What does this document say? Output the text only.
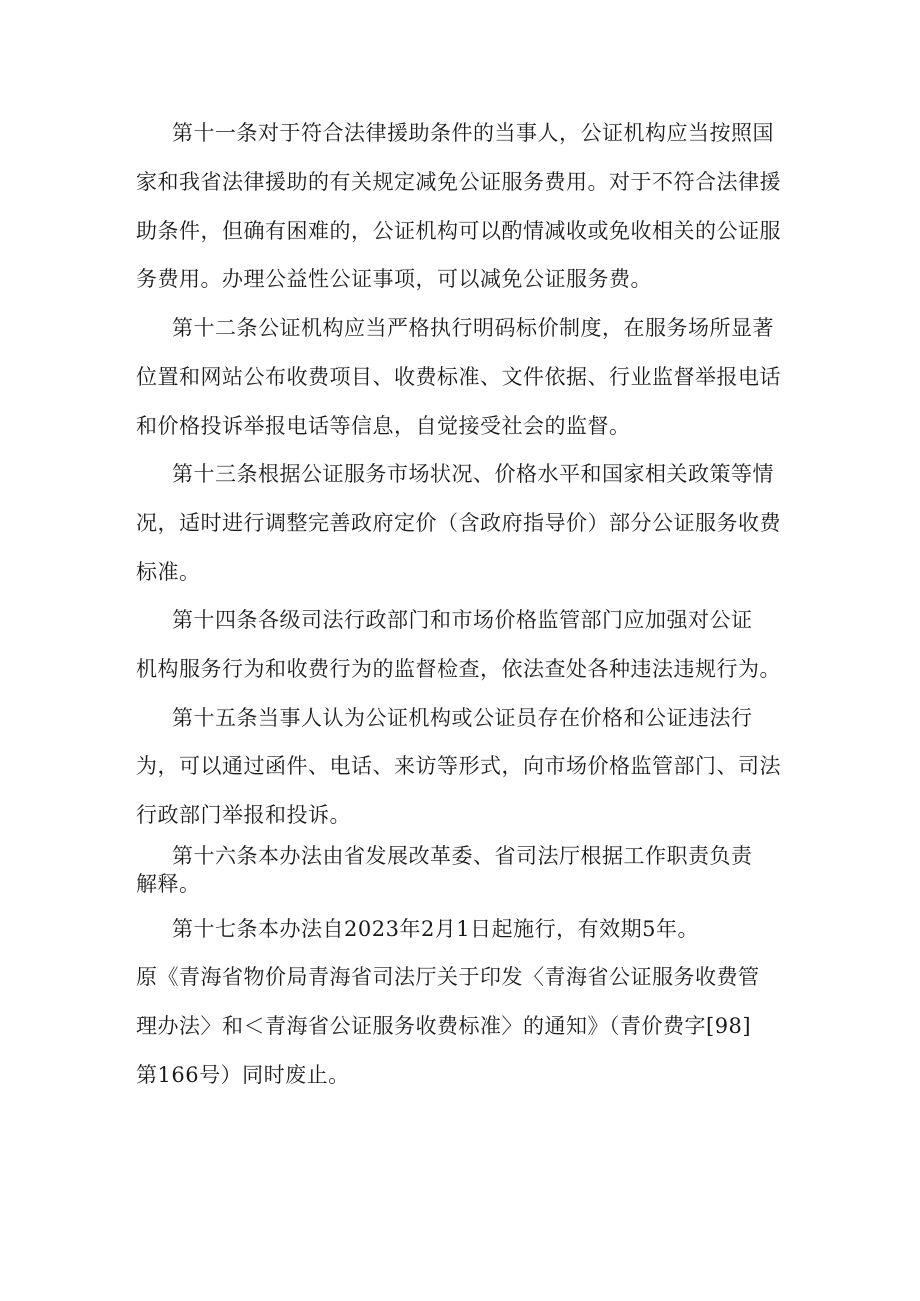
第十一条对于符合法律援助条件的当事人，公证机构应当按照国
家和我省法律援助的有关规定减免公证服务费用。对于不符合法律援
助条件，但确有困难的，公证机构可以酌情减收或免收相关的公证服
务费用。办理公益性公证事项，可以减免公证服务费。
第十二条公证机构应当严格执行明码标价制度，在服务场所显著
位置和网站公布收费项目、收费标准、文件依据、行业监督举报电话
和价格投诉举报电话等信息，自觉接受社会的监督。
第十三条根据公证服务市场状况、价格水平和国家相关政策等情
况，适时进行调整完善政府定价（含政府指导价）部分公证服务收费
标准。
第十四条各级司法行政部门和市场价格监管部门应加强对公证
机构服务行为和收费行为的监督检查，依法查处各种违法违规行为。
第十五条当事人认为公证机构或公证员存在价格和公证违法行
为，可以通过函件、电话、来访等形式，向市场价格监管部门、司法
行政部门举报和投诉。
第十六条本办法由省发展改革委、省司法厅根据工作职责负责
解释。
第十七条本办法自2023年2月1日起施行，有效期5年。
原《青海省物价局青海省司法厅关于印发〈青海省公证服务收费管
理办法〉和＜青海省公证服务收费标准〉的通知》（青价费字[98]
第166号）同时废止。
